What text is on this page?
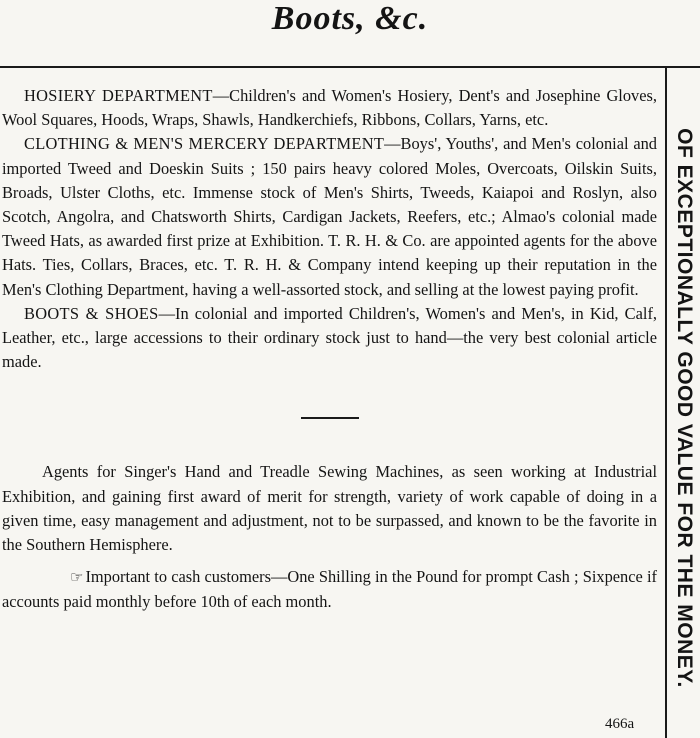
Boots, &c.
OF EXCEPTIONALLY GOOD VALUE FOR THE MONEY.

HOSIERY DEPARTMENT—Children's and Women's Hosiery, Dent's and Josephine Gloves, Wool Squares, Hoods, Wraps, Shawls, Handkerchiefs, Ribbons, Collars, Yarns, etc.

CLOTHING & MEN'S MERCERY DEPARTMENT—Boys', Youths', and Men's colonial and imported Tweed and Doeskin Suits ; 150 pairs heavy colored Moles, Overcoats, Oilskin Suits, Broads, Ulster Cloths, etc. Immense stock of Men's Shirts, Tweeds, Kaiapoi and Roslyn, also Scotch, Angolra, and Chatsworth Shirts, Cardigan Jackets, Reefers, etc.; Almao's colonial made Tweed Hats, as awarded first prize at Exhibition. T. R. H. & Co. are appointed agents for the above Hats. Ties, Collars, Braces, etc. T. R. H. & Company intend keeping up their reputation in the Men's Clothing Department, having a well-assorted stock, and selling at the lowest paying profit.

BOOTS & SHOES—In colonial and imported Children's, Women's and Men's, in Kid, Calf, Leather, etc., large accessions to their ordinary stock just to hand—the very best colonial article made.

Agents for Singer's Hand and Treadle Sewing Machines, as seen working at Industrial Exhibition, and gaining first award of merit for strength, variety of work capable of doing in a given time, easy management and adjustment, not to be surpassed, and known to be the favorite in the Southern Hemisphere.

☞ Important to cash customers—One Shilling in the Pound for prompt Cash ; Sixpence if accounts paid monthly before 10th of each month.

466a
